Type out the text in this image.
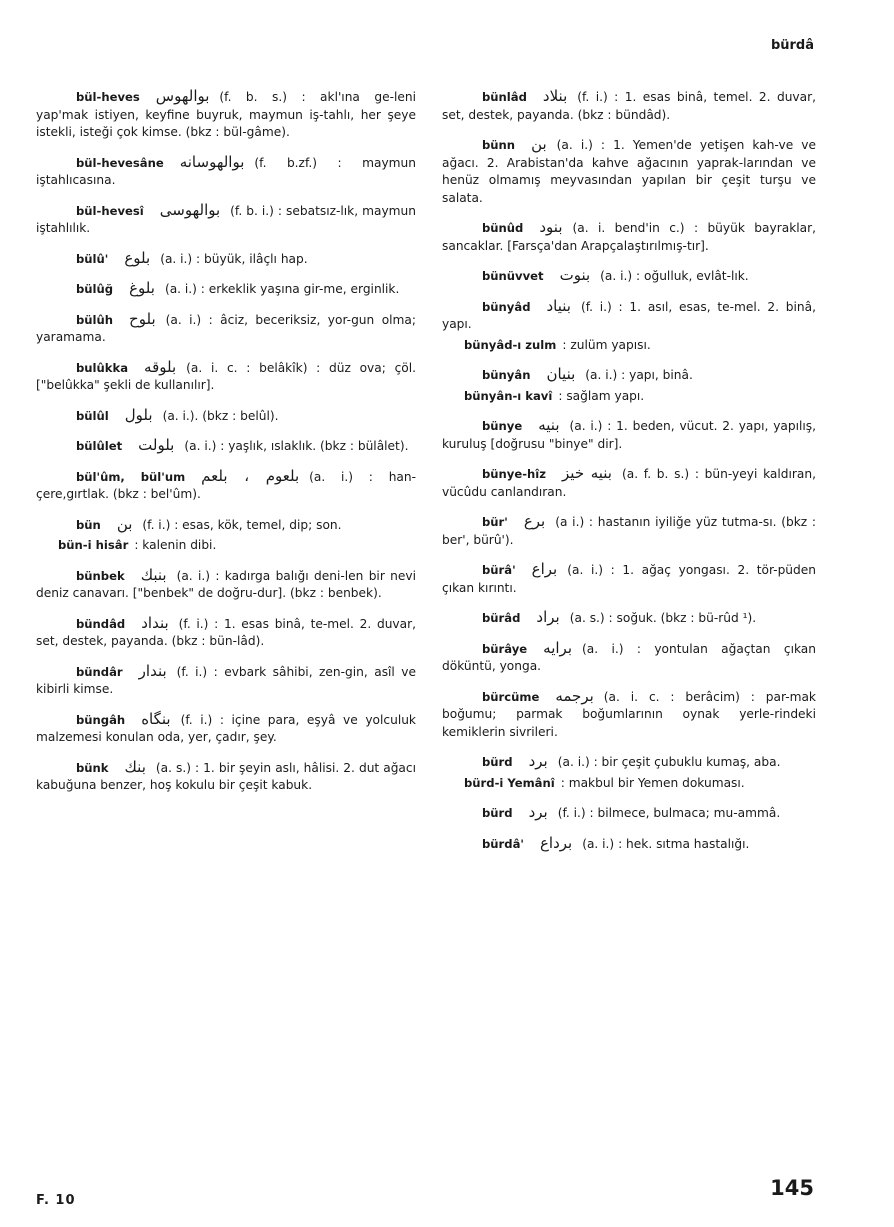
bürdâ

bül-heves بوالهوس (f. b. s.) : akl'ına ge-leni yap'mak istiyen, keyfine buyruk, maymun iş-tahlı, her şeye istekli, isteği çok kimse. (bkz : bül-gâme).

bül-hevesâne بوالهوسانه (f. b.zf.) : maymun iştahlıcasına.

bül-hevesî بوالهوسی (f. b. i.) : sebatsız-lık, maymun iştahlılık.

bülû' بلوع (a. i.) : büyük, ilâçlı hap.

bülûğ بلوغ (a. i.) : erkeklik yaşına gir-me, erginlik.

bülûh بلوح (a. i.) : âciz, beceriksiz, yor-gun olma; yaramama.

bulûkka بلوقه (a. i. c. : belâkîk) : düz ova; çöl. ["belûkka" şekli de kullanılır].

bülûl بلول (a. i.). (bkz : belûl).

bülûlet بلولت (a. i.) : yaşlık, ıslaklık. (bkz : bülâlet).

bül'ûm, bül'um بلعوم ، بلعم (a. i.) : han-çere,gırtlak. (bkz : bel'ûm).

bün بن (f. i.) : esas, kök, temel, dip; son.

bün-i hisâr : kalenin dibi.

bünbek بنبك (a. i.) : kadırga balığı deni-len bir nevi deniz canavarı. ["benbek" de doğru-dur]. (bkz : benbek).

bündâd بنداد (f. i.) : 1. esas binâ, te-mel. 2. duvar, set, destek, payanda. (bkz : bün-lâd).

bündâr بندار (f. i.) : evbark sâhibi, zen-gin, asîl ve kibirli kimse.

büngâh بنگاه (f. i.) : içine para, eşyâ ve yolculuk malzemesi konulan oda, yer, çadır, şey.

bünk بنك (a. s.) : 1. bir şeyin aslı, hâlisi. 2. dut ağacı kabuğuna benzer, hoş kokulu bir çeşit kabuk.

bünlâd بنلاد (f. i.) : 1. esas binâ, temel. 2. duvar, set, destek, payanda. (bkz : bündâd).

bünn بن (a. i.) : 1. Yemen'de yetişen kah-ve ve ağacı. 2. Arabistan'da kahve ağacının yaprak-larından ve henüz olmamış meyvasından yapılan bir çeşit turşu ve salata.

bünûd بنود (a. i. bend'in c.) : büyük bayraklar, sancaklar. [Farsça'dan Arapçalaştırılmış-tır].

bünüvvet بنوت (a. i.) : oğulluk, evlât-lık.

bünyâd بنیاد (f. i.) : 1. asıl, esas, te-mel. 2. binâ, yapı.

bünyâd-ı zulm : zulüm yapısı.

bünyân بنیان (a. i.) : yapı, binâ.

bünyân-ı kavî : sağlam yapı.

bünye بنیه (a. i.) : 1. beden, vücut. 2. yapı, yapılış, kuruluş [doğrusu "binye" dir].

bünye-hîz بنیه خیز (a. f. b. s.) : bün-yeyi kaldıran, vücûdu canlandıran.

bür' برع (a i.) : hastanın iyiliğe yüz tutma-sı. (bkz : ber', bürû').

bürâ' براع (a. i.) : 1. ağaç yongası. 2. tör-püden çıkan kırıntı.

bürâd براد (a. s.) : soğuk. (bkz : bü-rûd ¹).

bürâye برایه (a. i.) : yontulan ağaçtan çıkan döküntü, yonga.

bürcüme برجمه (a. i. c. : berâcim) : par-mak boğumu; parmak boğumlarının oynak yerle-rindeki kemiklerin sivrileri.

bürd برد (a. i.) : bir çeşit çubuklu kumaş, aba.

bürd-i Yemânî : makbul bir Yemen dokuması.

bürd برد (f. i.) : bilmece, bulmaca; mu-ammâ.

bürdâ' برداع (a. i.) : hek. sıtma hastalığı.

F. 10
145
